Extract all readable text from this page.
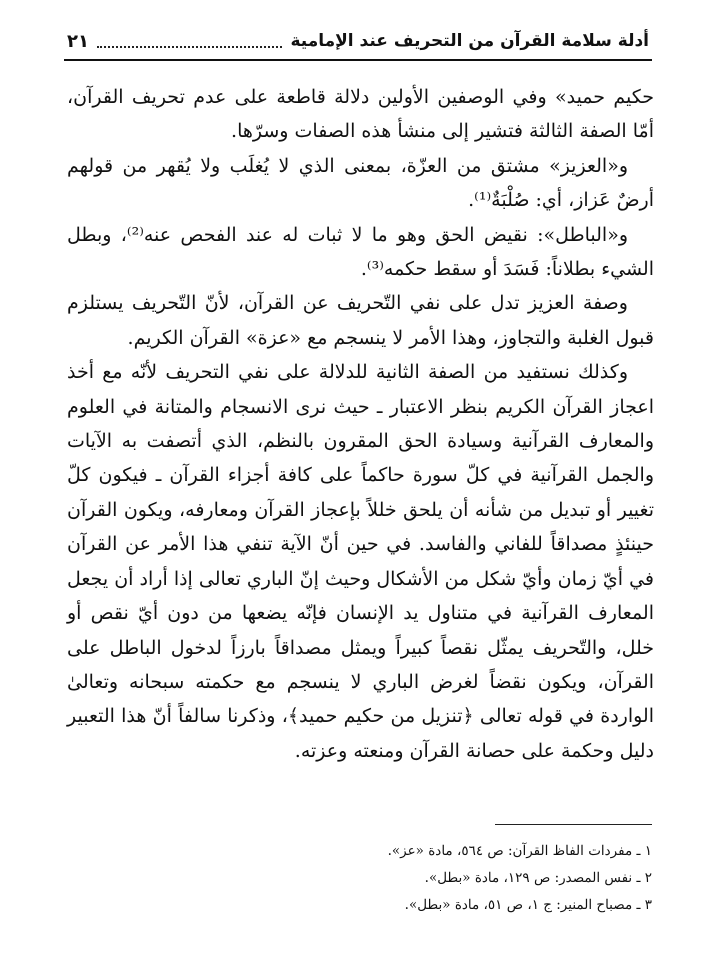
أدلة سلامة القرآن من التحريف عند الإمامية
٢١

حكيم حميد» وفي الوصفين الأولين دلالة قاطعة على عدم تحريف القرآن، أمّا الصفة الثالثة فتشير إلى منشأ هذه الصفات وسرّها.

و«العزيز» مشتق من العزّة، بمعنى الذي لا يُغلَب ولا يُقهر من قولهم أرضٌ عَزاز، أي: صُلْبَةٌ⁽¹⁾.

و«الباطل»: نقيض الحق وهو ما لا ثبات له عند الفحص عنه⁽²⁾، وبطل الشيء بطلاناً: فَسَدَ أو سقط حكمه⁽³⁾.

وصفة العزيز تدل على نفي التّحريف عن القرآن، لأنّ التّحريف يستلزم قبول الغلبة والتجاوز، وهذا الأمر لا ينسجم مع «عزة» القرآن الكريم.

وكذلك نستفيد من الصفة الثانية للدلالة على نفي التحريف لأنّه مع أخذ اعجاز القرآن الكريم بنظر الاعتبار ـ حيث نرى الانسجام والمتانة في العلوم والمعارف القرآنية وسيادة الحق المقرون بالنظم، الذي أتصفت به الآيات والجمل القرآنية في كلّ سورة حاكماً على كافة أجزاء القرآن ـ فيكون كلّ تغيير أو تبديل من شأنه أن يلحق خللاً بإعجاز القرآن ومعارفه، ويكون القرآن حينئذٍ مصداقاً للفاني والفاسد. في حين أنّ الآية تنفي هذا الأمر عن القرآن في أيّ زمان وأيّ شكل من الأشكال وحيث إنّ الباري تعالى إذا أراد أن يجعل المعارف القرآنية في متناول يد الإنسان فإنّه يضعها من دون أيّ نقص أو خلل، والتّحريف يمثّل نقصاً كبيراً ويمثل مصداقاً بارزاً لدخول الباطل على القرآن، ويكون نقضاً لغرض الباري لا ينسجم مع حكمته سبحانه وتعالىٰ الواردة في قوله تعالى ﴿تنزيل من حكيم حميد﴾، وذكرنا سالفاً أنّ هذا التعبير دليل وحكمة على حصانة القرآن ومنعته وعزته.

١ ـ مفردات الفاظ القرآن: ص ٥٦٤، مادة «عز».

٢ ـ نفس المصدر: ص ١٢٩، مادة «بطل».

٣ ـ مصباح المنير: ج ١، ص ٥١، مادة «بطل».
